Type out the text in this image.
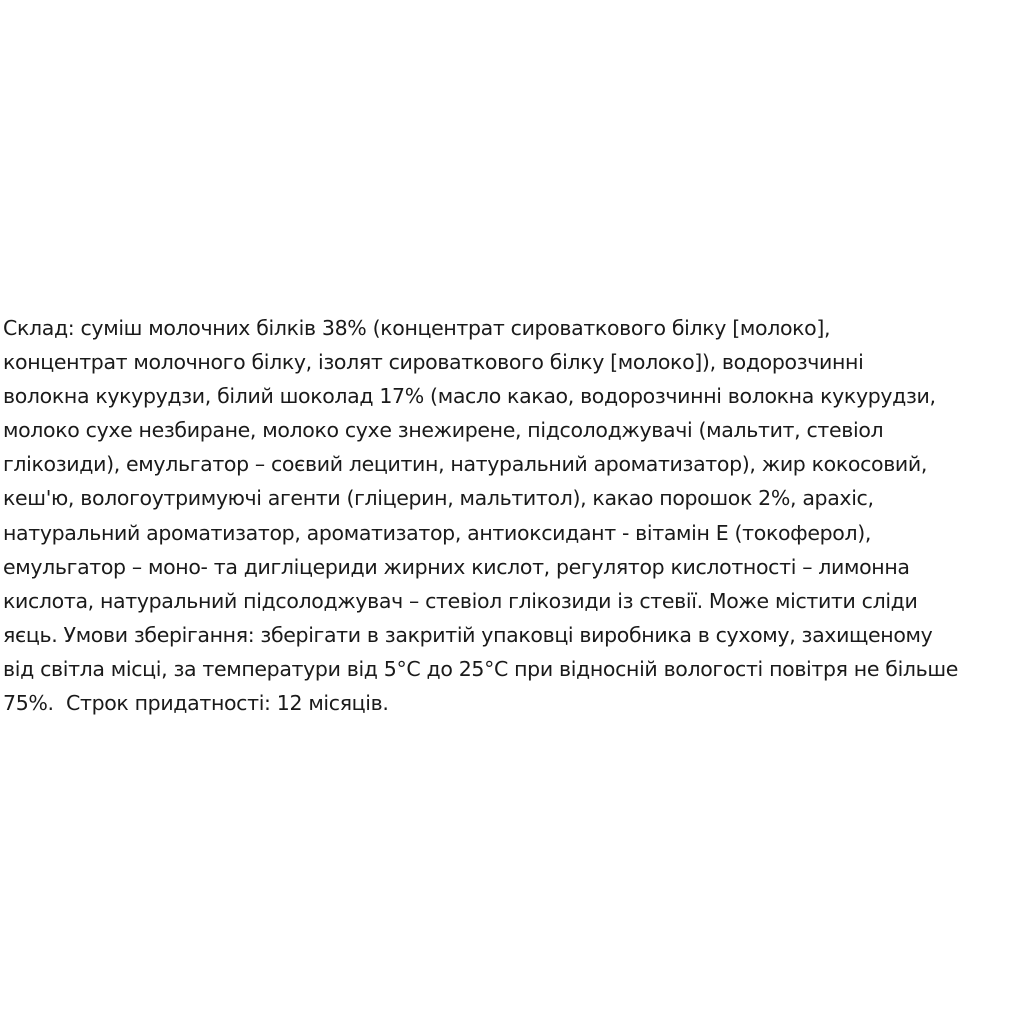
Склад: суміш молочних білків 38% (концентрат сироваткового білку [молоко],
концентрат молочного білку, ізолят сироваткового білку [молоко]), водорозчинні
волокна кукурудзи, білий шоколад 17% (масло какао, водорозчинні волокна кукурудзи,
молоко сухе незбиране, молоко сухе знежирене, підсолоджувачі (мальтит, стевіол
глікозиди), емульгатор – соєвий лецитин, натуральний ароматизатор), жир кокосовий,
кеш'ю, вологоутримуючі агенти (гліцерин, мальтитол), какао порошок 2%, арахіс,
натуральний ароматизатор, ароматизатор, антиоксидант - вітамін Е (токоферол),
емульгатор – моно- та дигліцериди жирних кислот, регулятор кислотності – лимонна
кислота, натуральний підсолоджувач – стевіол глікозиди із стевії. Може містити сліди
яєць. Умови зберігання: зберігати в закритій упаковці виробника в сухому, захищеному
від світла місці, за температури від 5°С до 25°С при відносній вологості повітря не більше
75%.  Строк придатності: 12 місяців.
